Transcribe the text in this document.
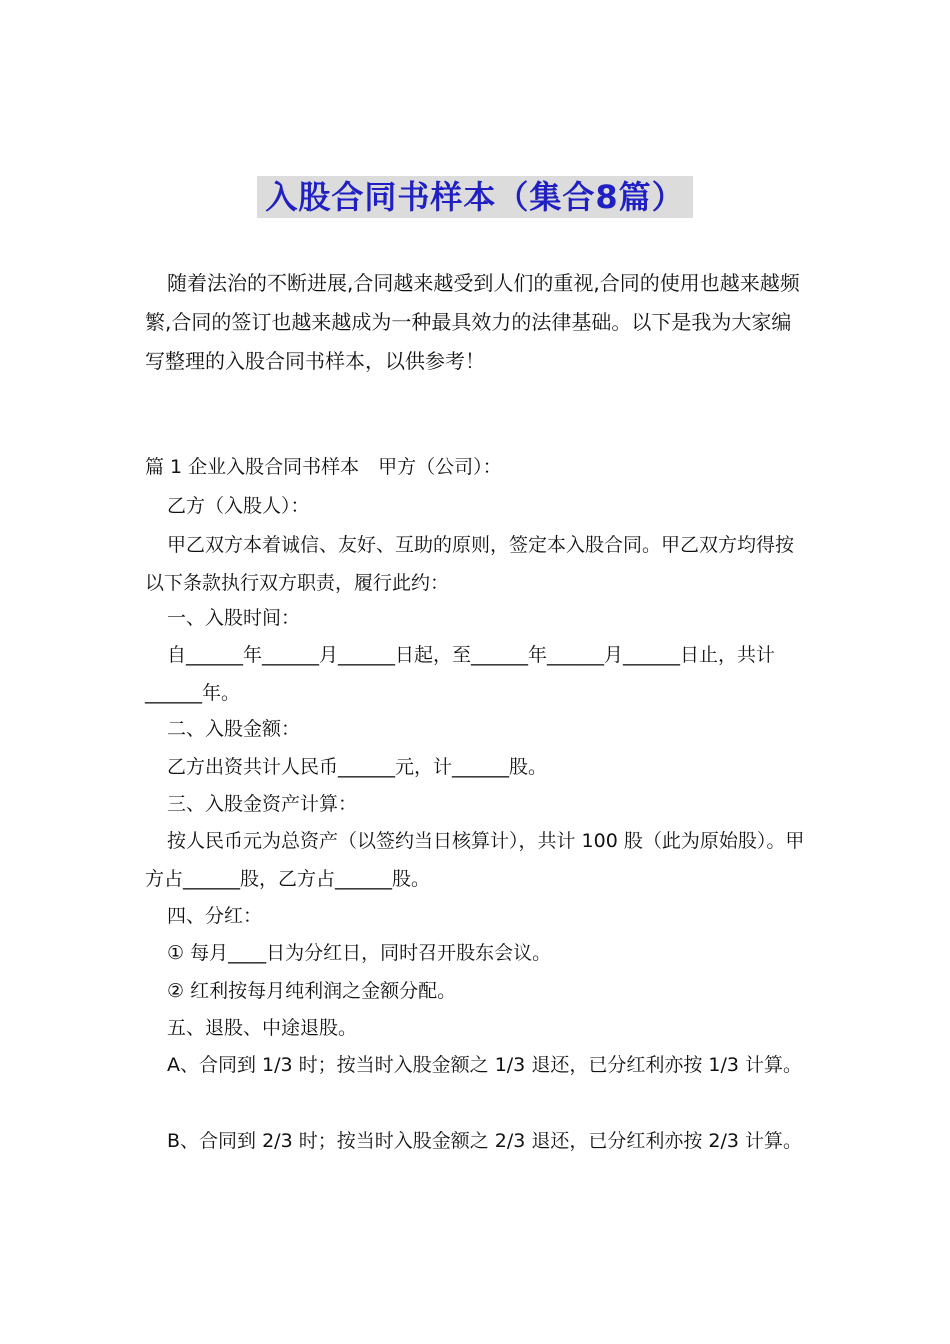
入股合同书样本（集合8篇）

随着法治的不断进展,合同越来越受到人们的重视,合同的使用也越来越频繁,合同的签订也越来越成为一种最具效力的法律基础。以下是我为大家编写整理的入股合同书样本，以供参考！

篇 1 企业入股合同书样本　甲方（公司）：

乙方（入股人）：

甲乙双方本着诚信、友好、互助的原则，签定本入股合同。甲乙双方均得按以下条款执行双方职责，履行此约：

一、入股时间：

自______年______月______日起，至______年______月______日止，共计______年。

二、入股金额：

乙方出资共计人民币______元，计______股。

三、入股金资产计算：

按人民币元为总资产（以签约当日核算计），共计 100 股（此为原始股）。甲方占______股，乙方占______股。

四、分红：

① 每月____日为分红日，同时召开股东会议。

② 红利按每月纯利润之金额分配。

五、退股、中途退股。

A、合同到 1/3 时；按当时入股金额之 1/3 退还，已分红利亦按 1/3 计算。

B、合同到 2/3 时；按当时入股金额之 2/3 退还，已分红利亦按 2/3 计算。
